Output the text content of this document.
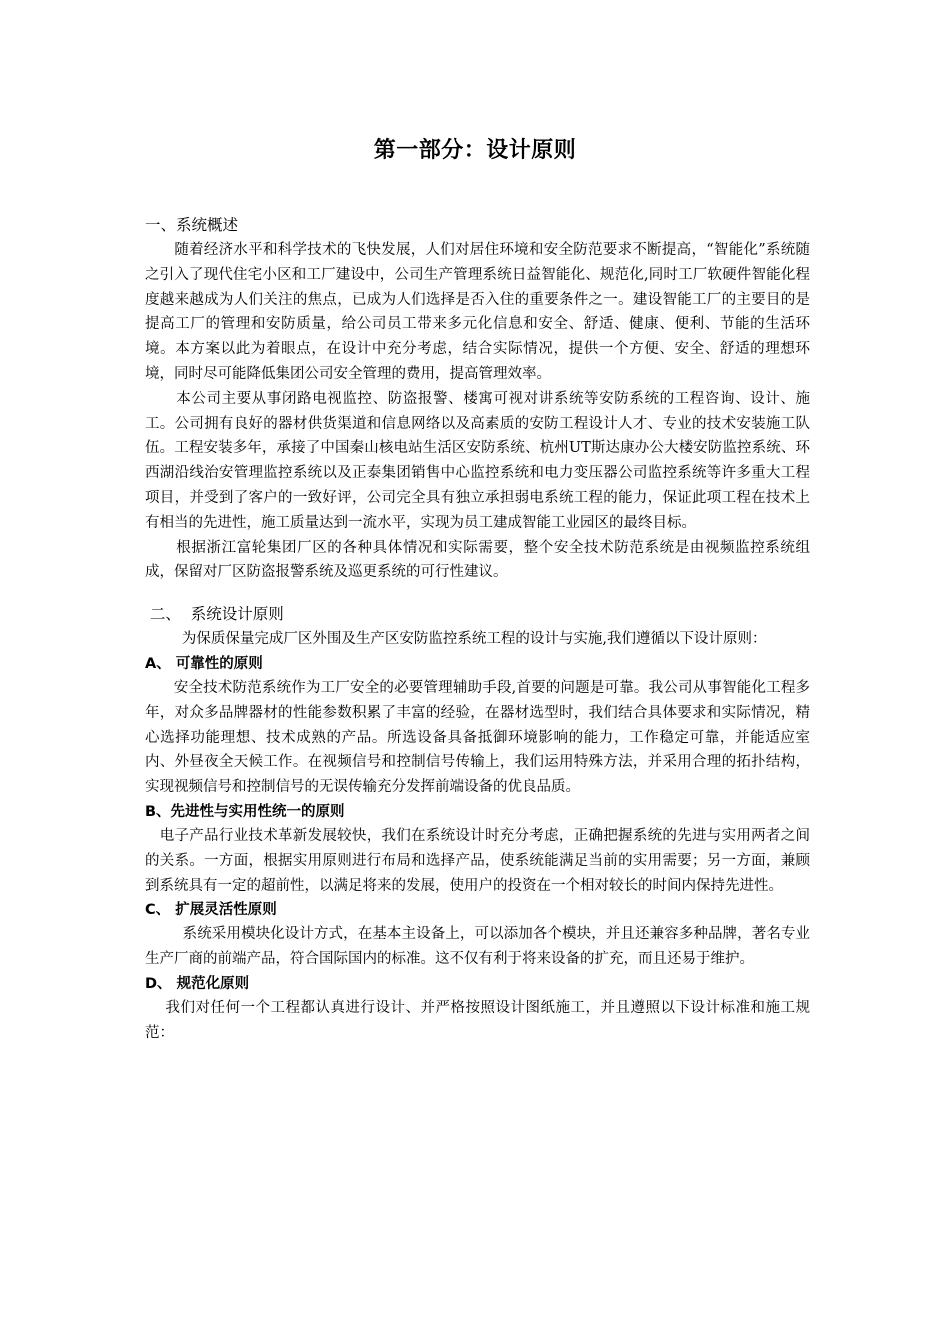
第一部分：设计原则
一、系统概述

随着经济水平和科学技术的飞快发展，人们对居住环境和安全防范要求不断提高，“智能化”系统随之引入了现代住宅小区和工厂建设中，公司生产管理系统日益智能化、规范化,同时工厂软硬件智能化程度越来越成为人们关注的焦点，已成为人们选择是否入住的重要条件之一。建设智能工厂的主要目的是提高工厂的管理和安防质量，给公司员工带来多元化信息和安全、舒适、健康、便利、节能的生活环境。本方案以此为着眼点，在设计中充分考虑，结合实际情况，提供一个方便、安全、舒适的理想环境，同时尽可能降低集团公司安全管理的费用，提高管理效率。

本公司主要从事闭路电视监控、防盗报警、楼寓可视对讲系统等安防系统的工程咨询、设计、施工。公司拥有良好的器材供货渠道和信息网络以及高素质的安防工程设计人才、专业的技术安装施工队伍。工程安装多年，承接了中国秦山核电站生活区安防系统、杭州UT斯达康办公大楼安防监控系统、环西湖沿线治安管理监控系统以及正泰集团销售中心监控系统和电力变压器公司监控系统等许多重大工程项目，并受到了客户的一致好评，公司完全具有独立承担弱电系统工程的能力，保证此项工程在技术上有相当的先进性，施工质量达到一流水平，实现为员工建成智能工业园区的最终目标。

根据浙江富轮集团厂区的各种具体情况和实际需要，整个安全技术防范系统是由视频监控系统组成，保留对厂区防盗报警系统及巡更系统的可行性建议。

二、  系统设计原则

为保质保量完成厂区外围及生产区安防监控系统工程的设计与实施,我们遵循以下设计原则：

A、 可靠性的原则

安全技术防范系统作为工厂安全的必要管理辅助手段,首要的问题是可靠。我公司从事智能化工程多年，对众多品牌器材的性能参数积累了丰富的经验，在器材选型时，我们结合具体要求和实际情况，精心选择功能理想、技术成熟的产品。所选设备具备抵御环境影响的能力，工作稳定可靠，并能适应室内、外昼夜全天候工作。在视频信号和控制信号传输上，我们运用特殊方法，并采用合理的拓扑结构，实现视频信号和控制信号的无误传输充分发挥前端设备的优良品质。

B、先进性与实用性统一的原则

电子产品行业技术革新发展较快，我们在系统设计时充分考虑，正确把握系统的先进与实用两者之间的关系。一方面，根据实用原则进行布局和选择产品，使系统能满足当前的实用需要；另一方面，兼顾到系统具有一定的超前性，以满足将来的发展，使用户的投资在一个相对较长的时间内保持先进性。

C、 扩展灵活性原则

系统采用模块化设计方式，在基本主设备上，可以添加各个模块，并且还兼容多种品牌，著名专业生产厂商的前端产品，符合国际国内的标准。这不仅有利于将来设备的扩充，而且还易于维护。

D、 规范化原则

我们对任何一个工程都认真进行设计、并严格按照设计图纸施工，并且遵照以下设计标准和施工规范：
